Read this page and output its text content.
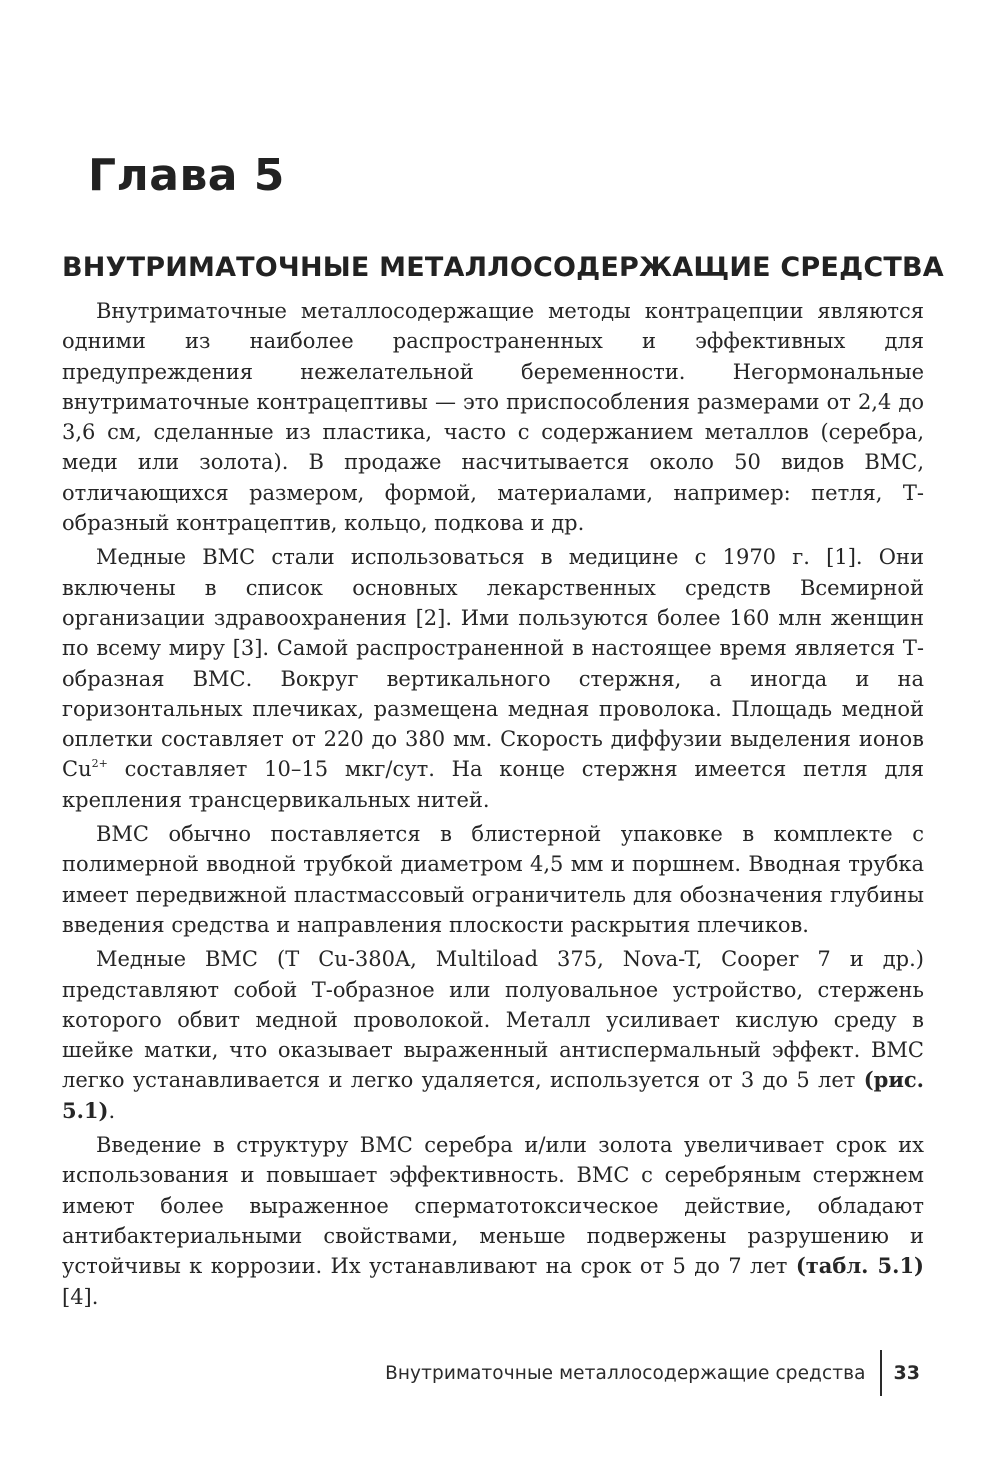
Глава 5
ВНУТРИМАТОЧНЫЕ МЕТАЛЛОСОДЕРЖАЩИЕ СРЕДСТВА

Внутриматочные металлосодержащие методы контрацепции являются одними из наиболее распространенных и эффективных для предупреждения нежелательной беременности. Негормональные внутриматочные контрацептивы — это приспособления размерами от 2,4 до 3,6 см, сделанные из пластика, часто с содержанием металлов (серебра, меди или золота). В продаже насчитывается около 50 видов ВМС, отличающихся размером, формой, материалами, например: петля, Т-образный контрацептив, кольцо, подкова и др.

Медные ВМС стали использоваться в медицине с 1970 г. [1]. Они включены в список основных лекарственных средств Всемирной организации здравоохранения [2]. Ими пользуются более 160 млн женщин по всему миру [3]. Самой распространенной в настоящее время является Т-образная ВМС. Вокруг вертикального стержня, а иногда и на горизонтальных плечиках, размещена медная проволока. Площадь медной оплетки составляет от 220 до 380 мм. Скорость диффузии выделения ионов $Cu^{2+}$ составляет 10–15 мкг/сут. На конце стержня имеется петля для крепления трансцервикальных нитей.

ВМС обычно поставляется в блистерной упаковке в комплекте с полимерной вводной трубкой диаметром 4,5 мм и поршнем. Вводная трубка имеет передвижной пластмассовый ограничитель для обозначения глубины введения средства и направления плоскости раскрытия плечиков.

Медные ВМС (T Cu-380A, Multiload 375, Nova-T, Cooper 7 и др.) представляют собой Т-образное или полуовальное устройство, стержень которого обвит медной проволокой. Металл усиливает кислую среду в шейке матки, что оказывает выраженный антиспермальный эффект. ВМС легко устанавливается и легко удаляется, используется от 3 до 5 лет (рис. 5.1).

Введение в структуру ВМС серебра и/или золота увеличивает срок их использования и повышает эффективность. ВМС с серебряным стержнем имеют более выраженное сперматотоксическое действие, обладают антибактериальными свойствами, меньше подвержены разрушению и устойчивы к коррозии. Их устанавливают на срок от 5 до 7 лет (табл. 5.1) [4].

Внутриматочные металлосодержащие средства 33
